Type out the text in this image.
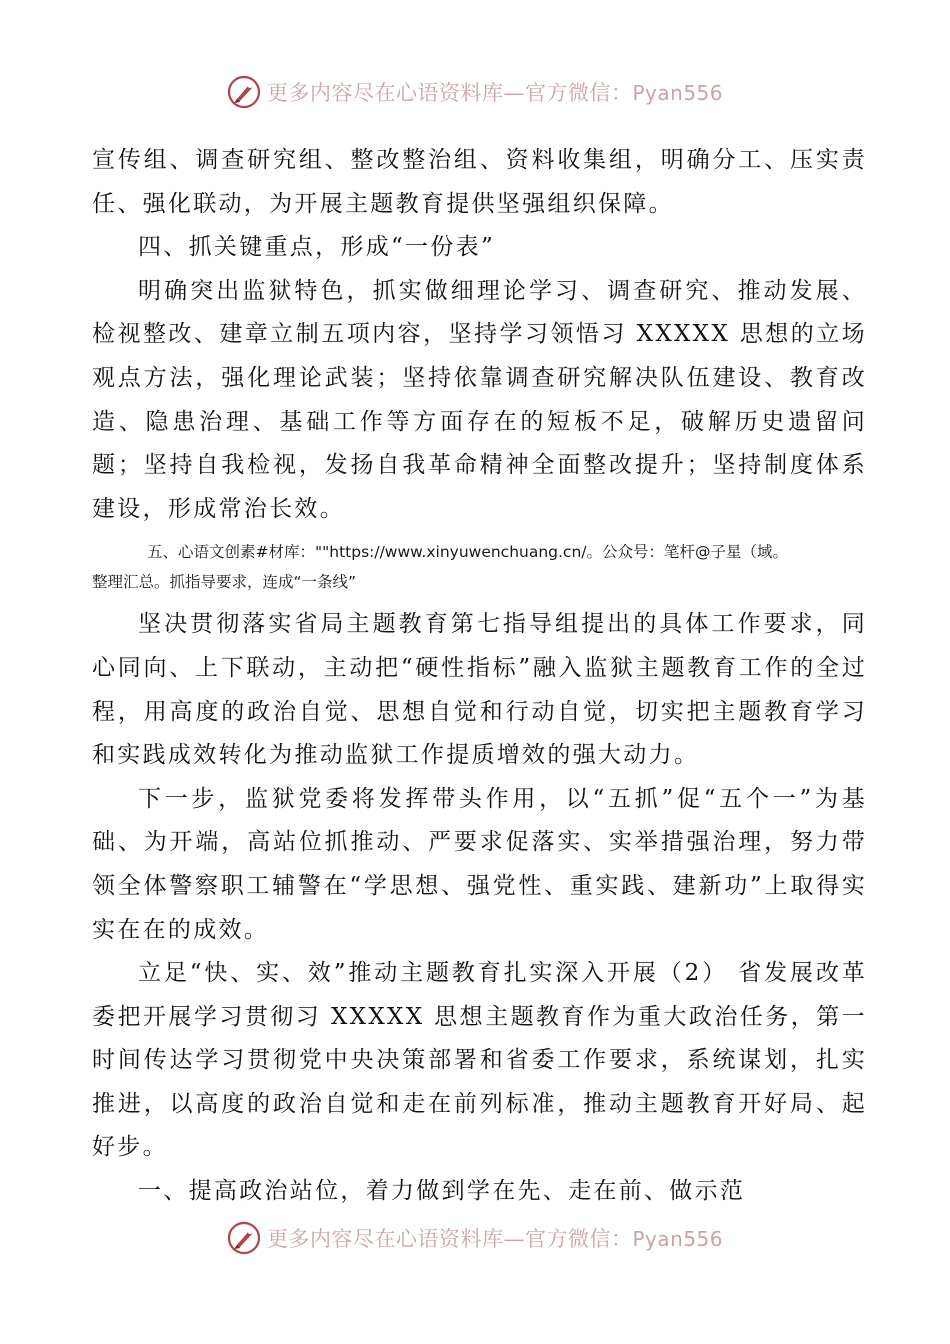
更多内容尽在心语资料库—官方微信：Pyan556

宣传组、调查研究组、整改整治组、资料收集组，明确分工、压实责任、强化联动，为开展主题教育提供坚强组织保障。

四、抓关键重点，形成“一份表”

明确突出监狱特色，抓实做细理论学习、调查研究、推动发展、检视整改、建章立制五项内容，坚持学习领悟习 XXXXX 思想的立场观点方法，强化理论武装；坚持依靠调查研究解决队伍建设、教育改造、隐患治理、基础工作等方面存在的短板不足，破解历史遗留问题；坚持自我检视，发扬自我革命精神全面整改提升；坚持制度体系建设，形成常治长效。

五、心语文创素#材库：""https://www.xinyuwenchuang.cn/。公众号：笔杆@子星（域。
整理汇总。抓指导要求，连成“一条线”

坚决贯彻落实省局主题教育第七指导组提出的具体工作要求，同心同向、上下联动，主动把“硬性指标”融入监狱主题教育工作的全过程，用高度的政治自觉、思想自觉和行动自觉，切实把主题教育学习和实践成效转化为推动监狱工作提质增效的强大动力。

下一步，监狱党委将发挥带头作用，以“五抓”促“五个一”为基础、为开端，高站位抓推动、严要求促落实、实举措强治理，努力带领全体警察职工辅警在“学思想、强党性、重实践、建新功”上取得实实在在的成效。

立足“快、实、效”推动主题教育扎实深入开展（2） 省发展改革委把开展学习贯彻习 XXXXX 思想主题教育作为重大政治任务，第一时间传达学习贯彻党中央决策部署和省委工作要求，系统谋划，扎实推进，以高度的政治自觉和走在前列标准，推动主题教育开好局、起好步。

一、提高政治站位，着力做到学在先、走在前、做示范

更多内容尽在心语资料库—官方微信：Pyan556
